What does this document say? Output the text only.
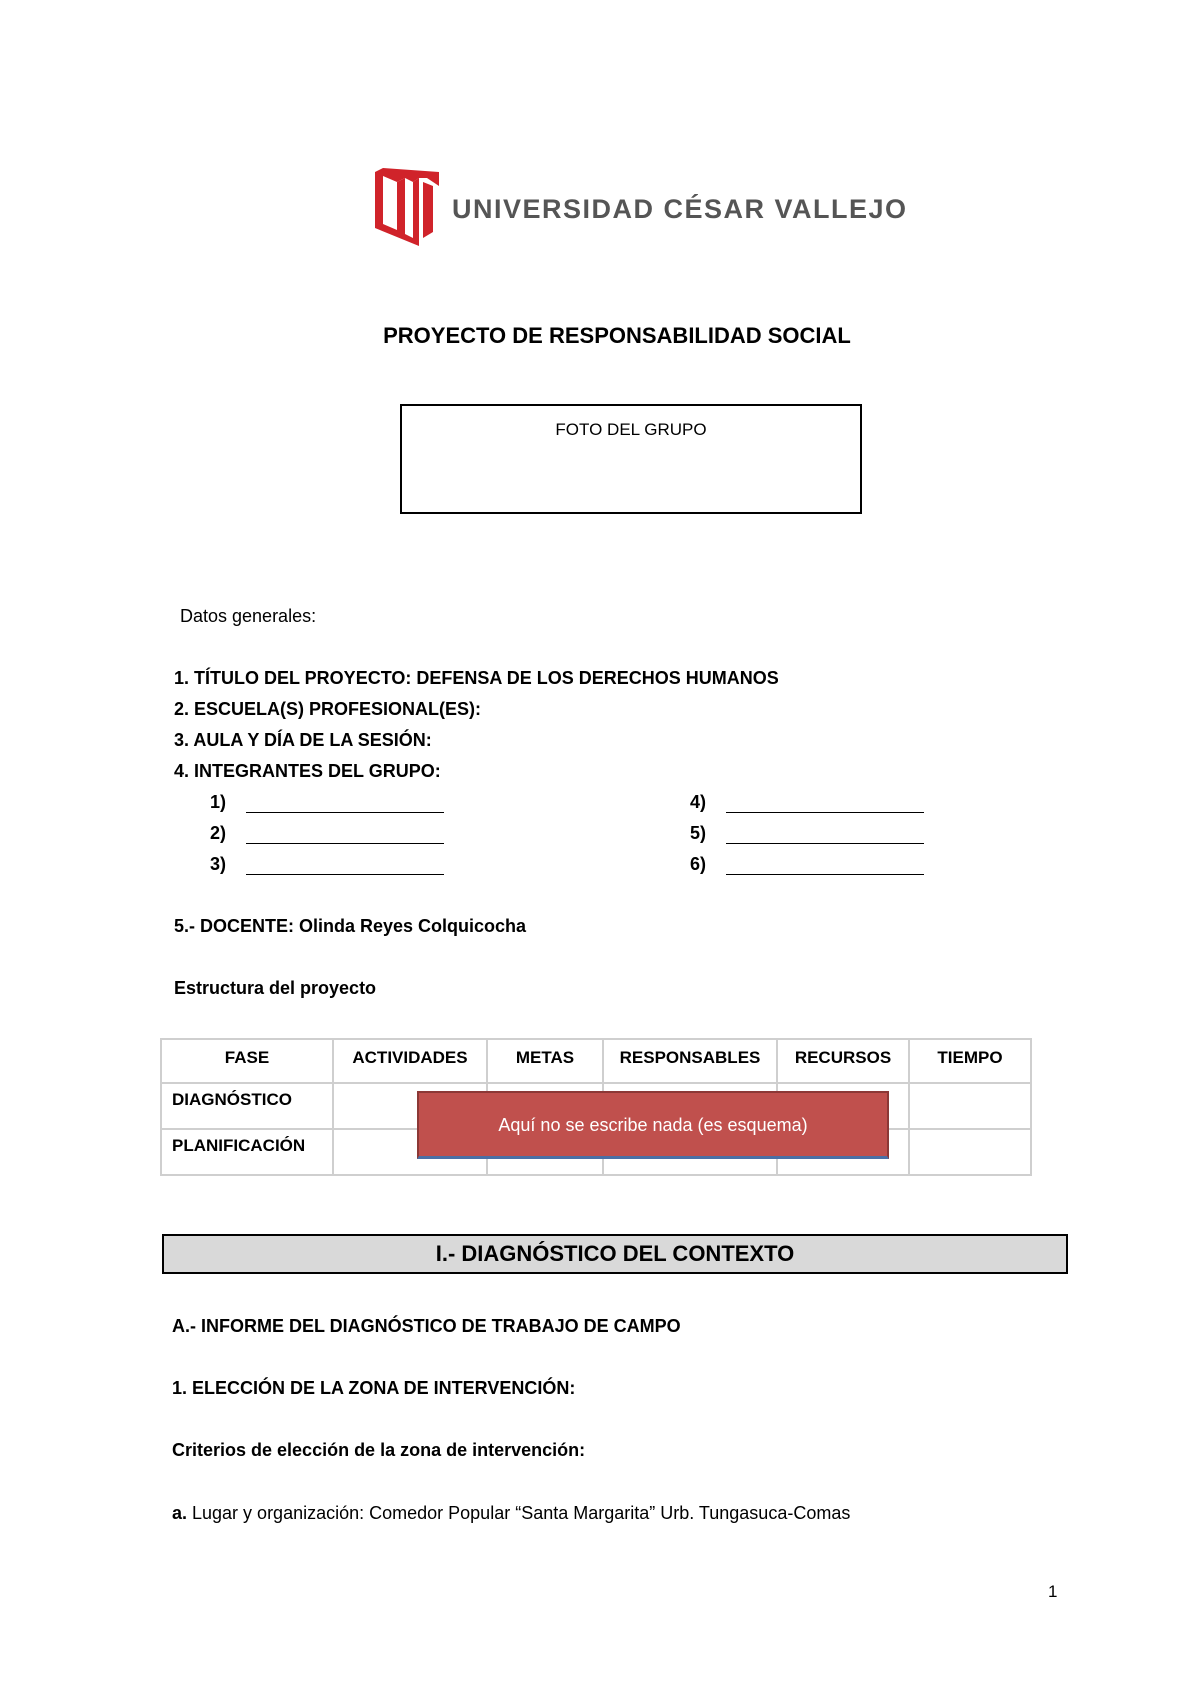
UNIVERSIDAD CÉSAR VALLEJO
PROYECTO DE RESPONSABILIDAD SOCIAL
FOTO DEL GRUPO
Datos generales:
1. TÍTULO DEL PROYECTO: DEFENSA DE LOS DERECHOS HUMANOS
2. ESCUELA(S) PROFESIONAL(ES):
3. AULA Y DÍA DE LA SESIÓN:
4. INTEGRANTES DEL GRUPO:
1)
2)
3)
4)
5)
6)
5.- DOCENTE: Olinda Reyes Colquicocha
Estructura del proyecto
FASE	ACTIVIDADES	METAS	RESPONSABLES	RECURSOS	TIEMPO
DIAGNÓSTICO					
PLANIFICACIÓN					
Aquí no se escribe nada (es esquema)
I.- DIAGNÓSTICO DEL CONTEXTO
A.- INFORME DEL DIAGNÓSTICO DE TRABAJO DE CAMPO
1. ELECCIÓN DE LA ZONA DE INTERVENCIÓN:
Criterios de elección de la zona de intervención:
a. Lugar y organización: Comedor Popular “Santa Margarita” Urb. Tungasuca-Comas
1
